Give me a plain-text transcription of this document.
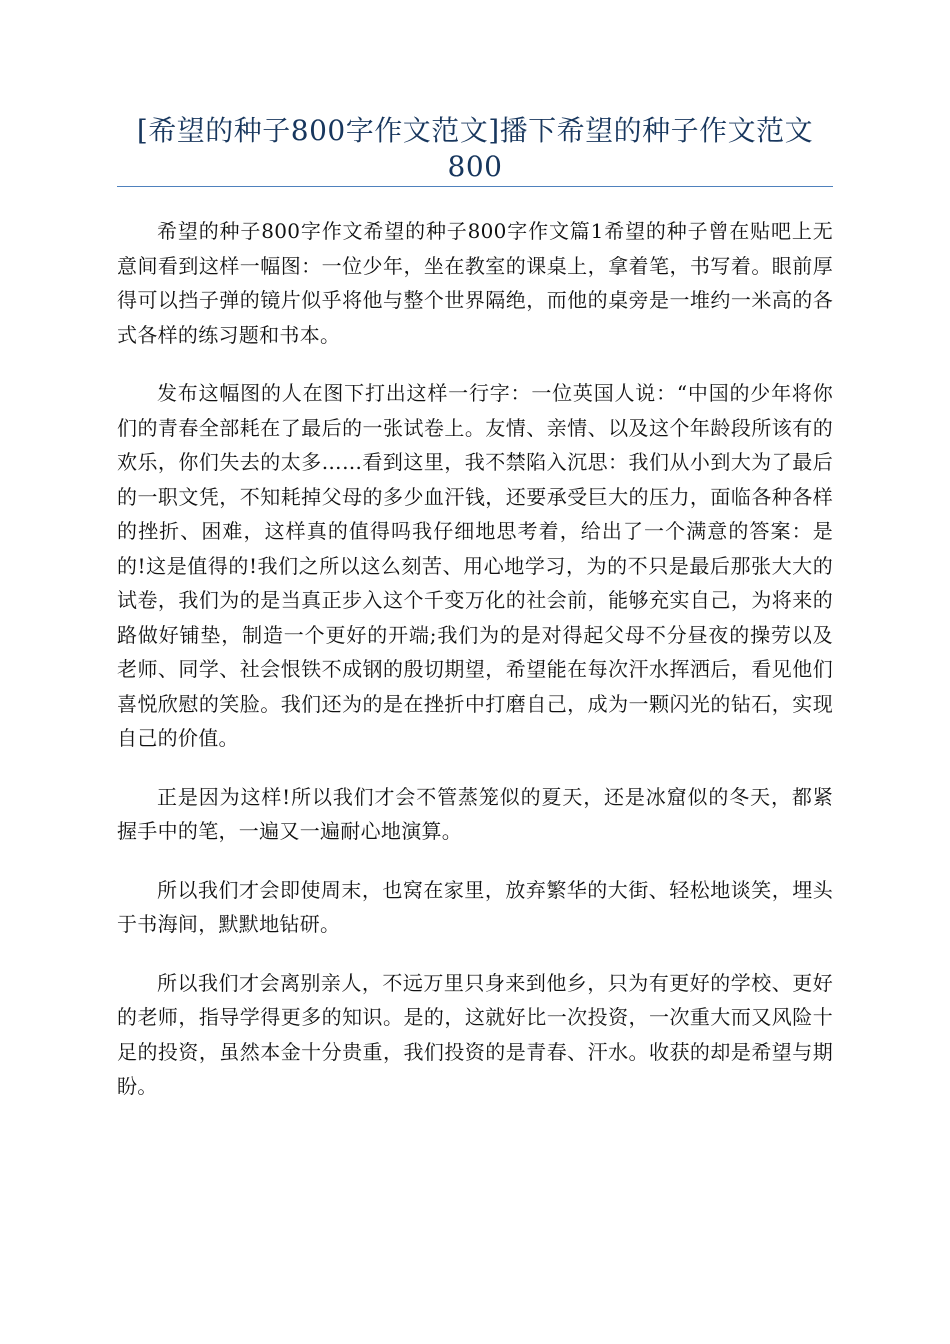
[希望的种子800字作文范文]播下希望的种子作文范文800

希望的种子800字作文希望的种子800字作文篇1希望的种子曾在贴吧上无意间看到这样一幅图：一位少年，坐在教室的课桌上，拿着笔，书写着。眼前厚得可以挡子弹的镜片似乎将他与整个世界隔绝，而他的桌旁是一堆约一米高的各式各样的练习题和书本。

发布这幅图的人在图下打出这样一行字：一位英国人说：“中国的少年将你们的青春全部耗在了最后的一张试卷上。友情、亲情、以及这个年龄段所该有的欢乐，你们失去的太多……看到这里，我不禁陷入沉思：我们从小到大为了最后的一职文凭，不知耗掉父母的多少血汗钱，还要承受巨大的压力，面临各种各样的挫折、困难，这样真的值得吗我仔细地思考着，给出了一个满意的答案：是的!这是值得的!我们之所以这么刻苦、用心地学习，为的不只是最后那张大大的试卷，我们为的是当真正步入这个千变万化的社会前，能够充实自己，为将来的路做好铺垫，制造一个更好的开端;我们为的是对得起父母不分昼夜的操劳以及老师、同学、社会恨铁不成钢的殷切期望，希望能在每次汗水挥洒后，看见他们喜悦欣慰的笑脸。我们还为的是在挫折中打磨自己，成为一颗闪光的钻石，实现自己的价值。

正是因为这样!所以我们才会不管蒸笼似的夏天，还是冰窟似的冬天，都紧握手中的笔，一遍又一遍耐心地演算。

所以我们才会即使周末，也窝在家里，放弃繁华的大街、轻松地谈笑，埋头于书海间，默默地钻研。

所以我们才会离别亲人，不远万里只身来到他乡，只为有更好的学校、更好的老师，指导学得更多的知识。是的，这就好比一次投资，一次重大而又风险十足的投资，虽然本金十分贵重，我们投资的是青春、汗水。收获的却是希望与期盼。
